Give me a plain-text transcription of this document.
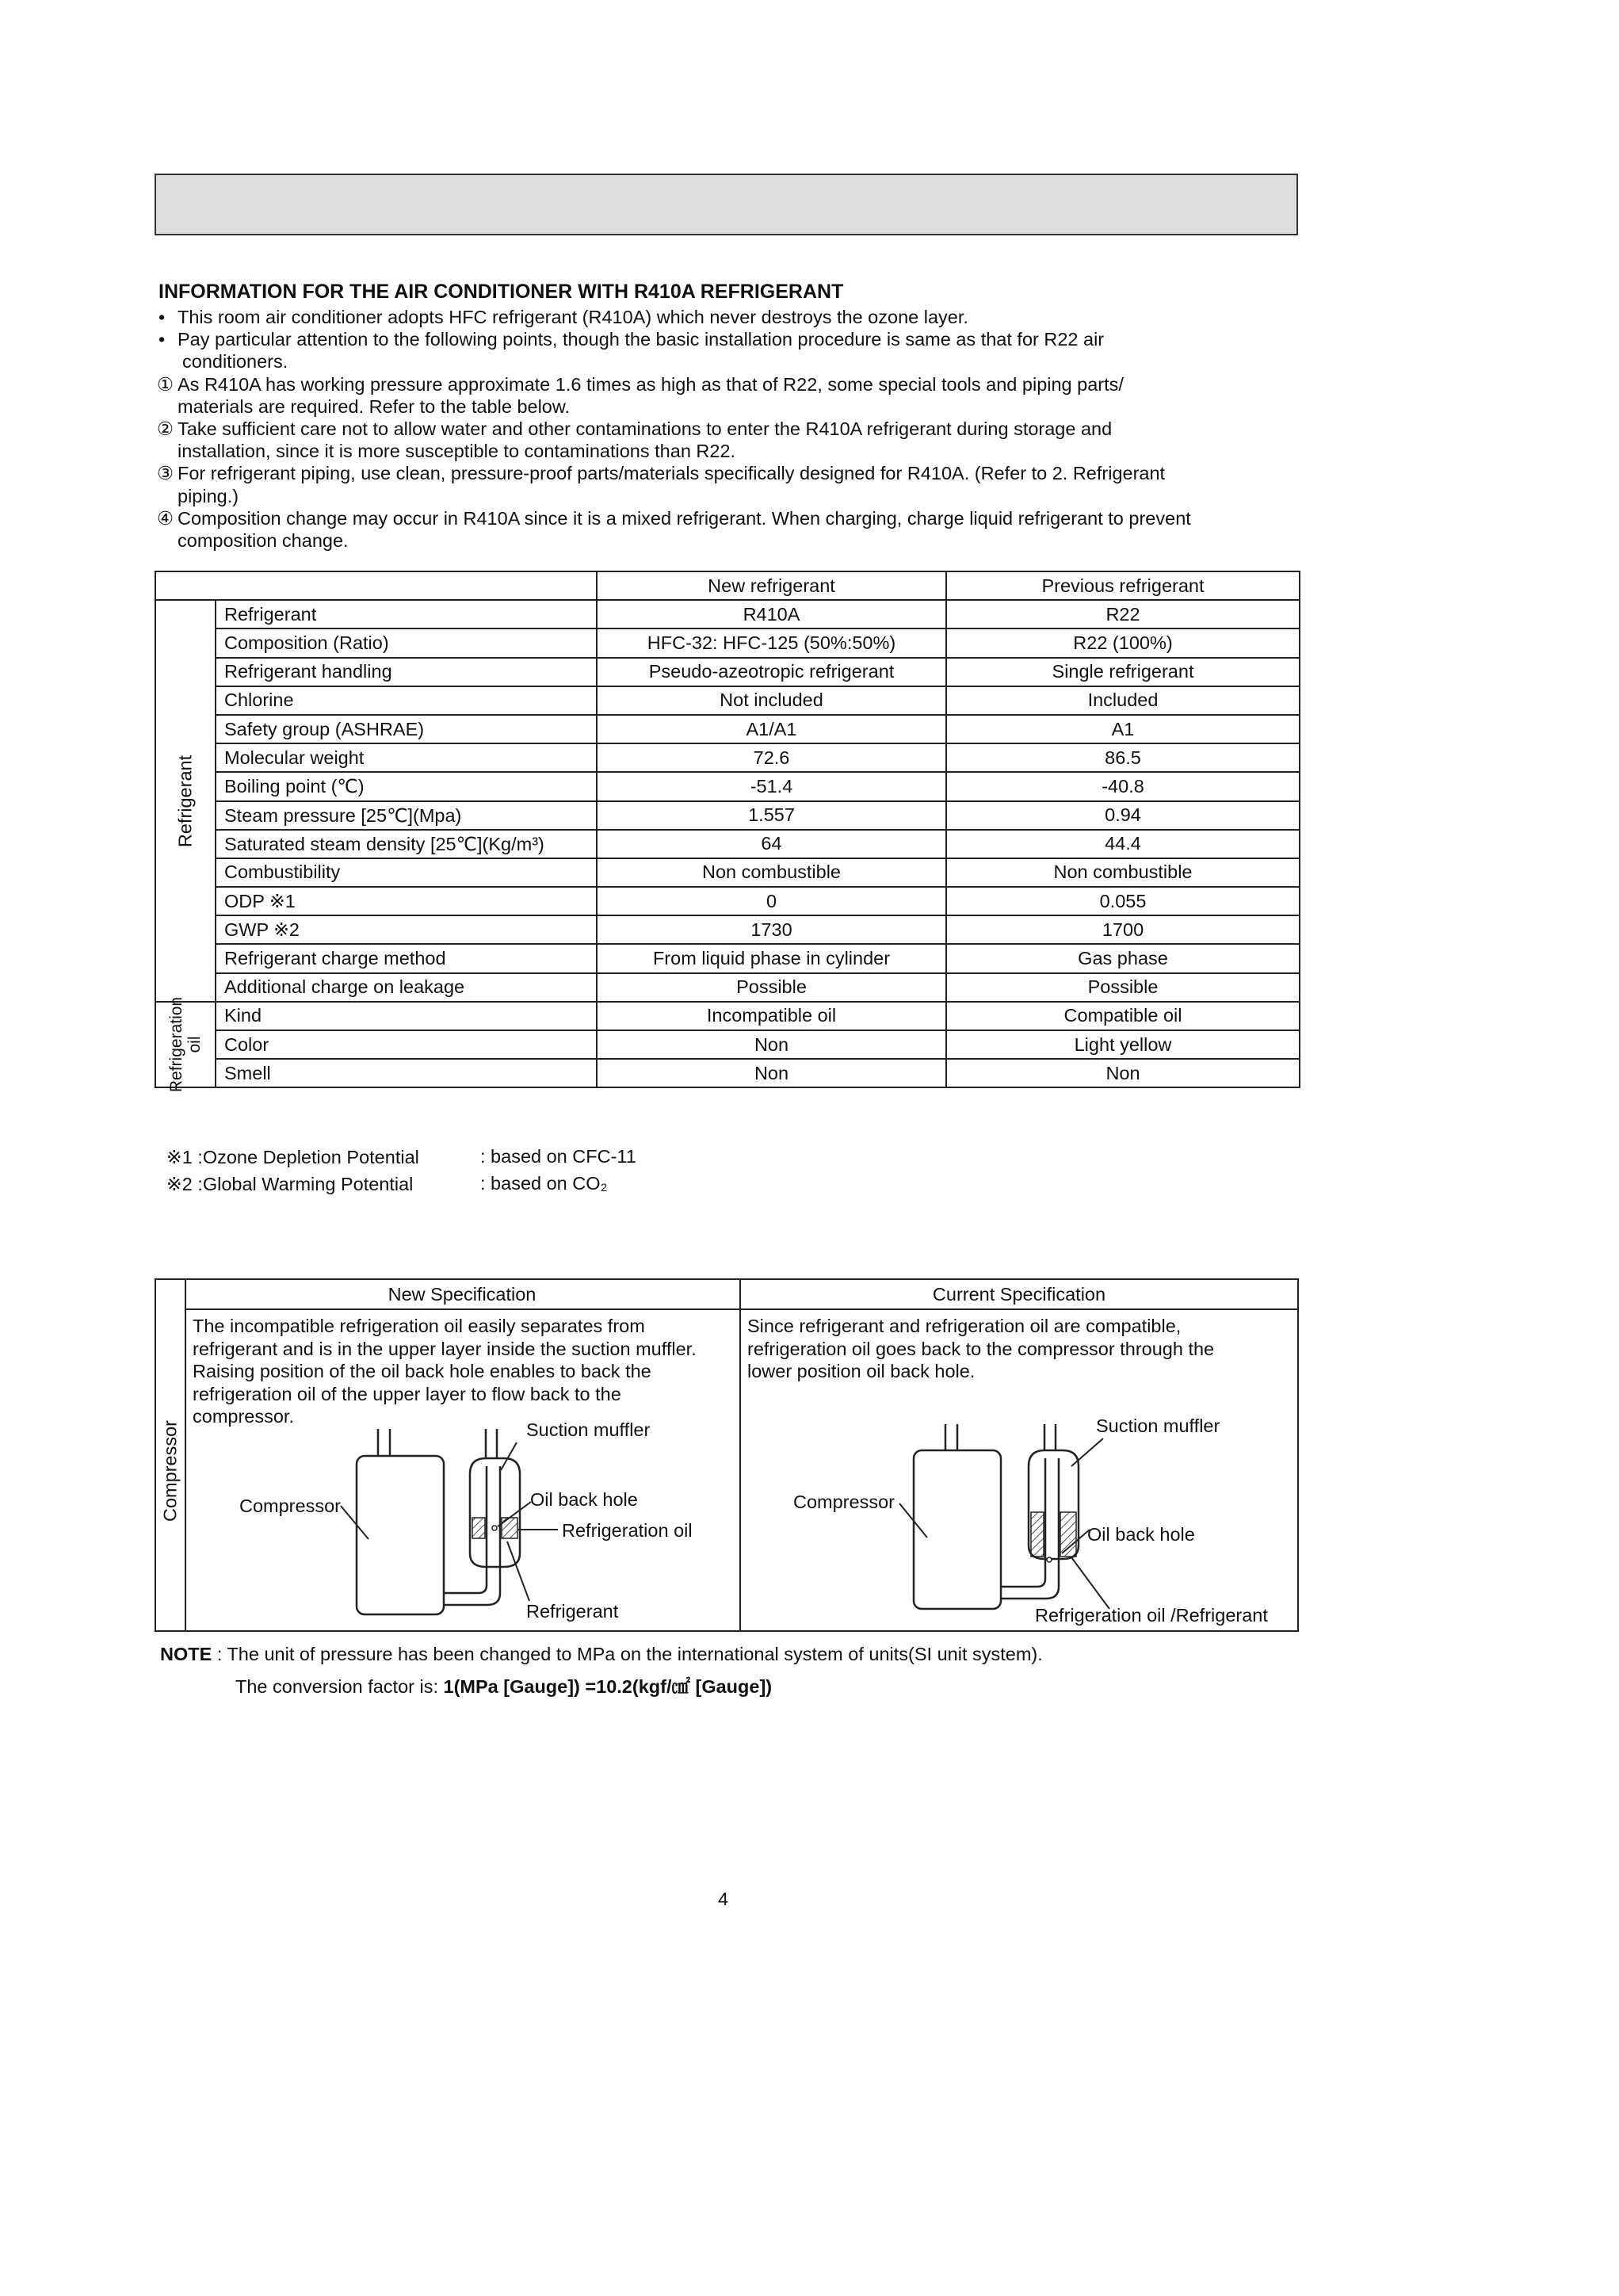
INFORMATION FOR THE AIR CONDITIONER WITH R410A REFRIGERANT
• This room air conditioner adopts HFC refrigerant (R410A) which never destroys the ozone layer.
• Pay particular attention to the following points, though the basic installation procedure is same as that for R22 air
conditioners.
① As R410A has working pressure approximate 1.6 times as high as that of R22, some special tools and piping parts/
materials are required. Refer to the table below.
② Take sufficient care not to allow water and other contaminations to enter the R410A refrigerant during storage and
installation, since it is more susceptible to contaminations than R22.
③ For refrigerant piping, use clean, pressure-proof parts/materials specifically designed for R410A. (Refer to 2. Refrigerant
piping.)
④ Composition change may occur in R410A since it is a mixed refrigerant. When charging, charge liquid refrigerant to prevent
composition change.
		New refrigerant	Previous refrigerant

Refrigerant	Refrigerant	R410A	R22
	Composition (Ratio)	HFC-32: HFC-125 (50%:50%)	R22 (100%)
	Refrigerant handling	Pseudo-azeotropic refrigerant	Single refrigerant
	Chlorine	Not included	Included
	Safety group (ASHRAE)	A1/A1	A1
	Molecular weight	72.6	86.5
	Boiling point (℃)	-51.4	-40.8
	Steam pressure [25℃](Mpa)	1.557	0.94
	Saturated steam density [25℃](Kg/m³)	64	44.4
	Combustibility	Non combustible	Non combustible
	ODP ※1	0	0.055
	GWP ※2	1730	1700
	Refrigerant charge method	From liquid phase in cylinder	Gas phase
	Additional charge on leakage	Possible	Possible

Refrigeration
oil	Kind	Incompatible oil	Compatible oil
	Color	Non	Light yellow
	Smell	Non	Non
※1 :Ozone Depletion Potential	: based on CFC-11
※2 :Global Warming Potential	: based on CO₂
New Specification	Current Specification
Compressor
The incompatible refrigeration oil easily separates from
refrigerant and is in the upper layer inside the suction muffler.
Raising position of the oil back hole enables to back the
refrigeration oil of the upper layer to flow back to the
compressor.
Since refrigerant and refrigeration oil are compatible,
refrigeration oil goes back to the compressor through the
lower position oil back hole.
Suction muffler
Compressor	Oil back hole
Refrigeration oil
Refrigerant
Suction muffler
Compressor
Oil back hole
Refrigeration oil /Refrigerant
NOTE : The unit of pressure has been changed to MPa on the international system of units(SI unit system).
The conversion factor is: 1(MPa [Gauge]) =10.2(kgf/㎠ [Gauge])
4
